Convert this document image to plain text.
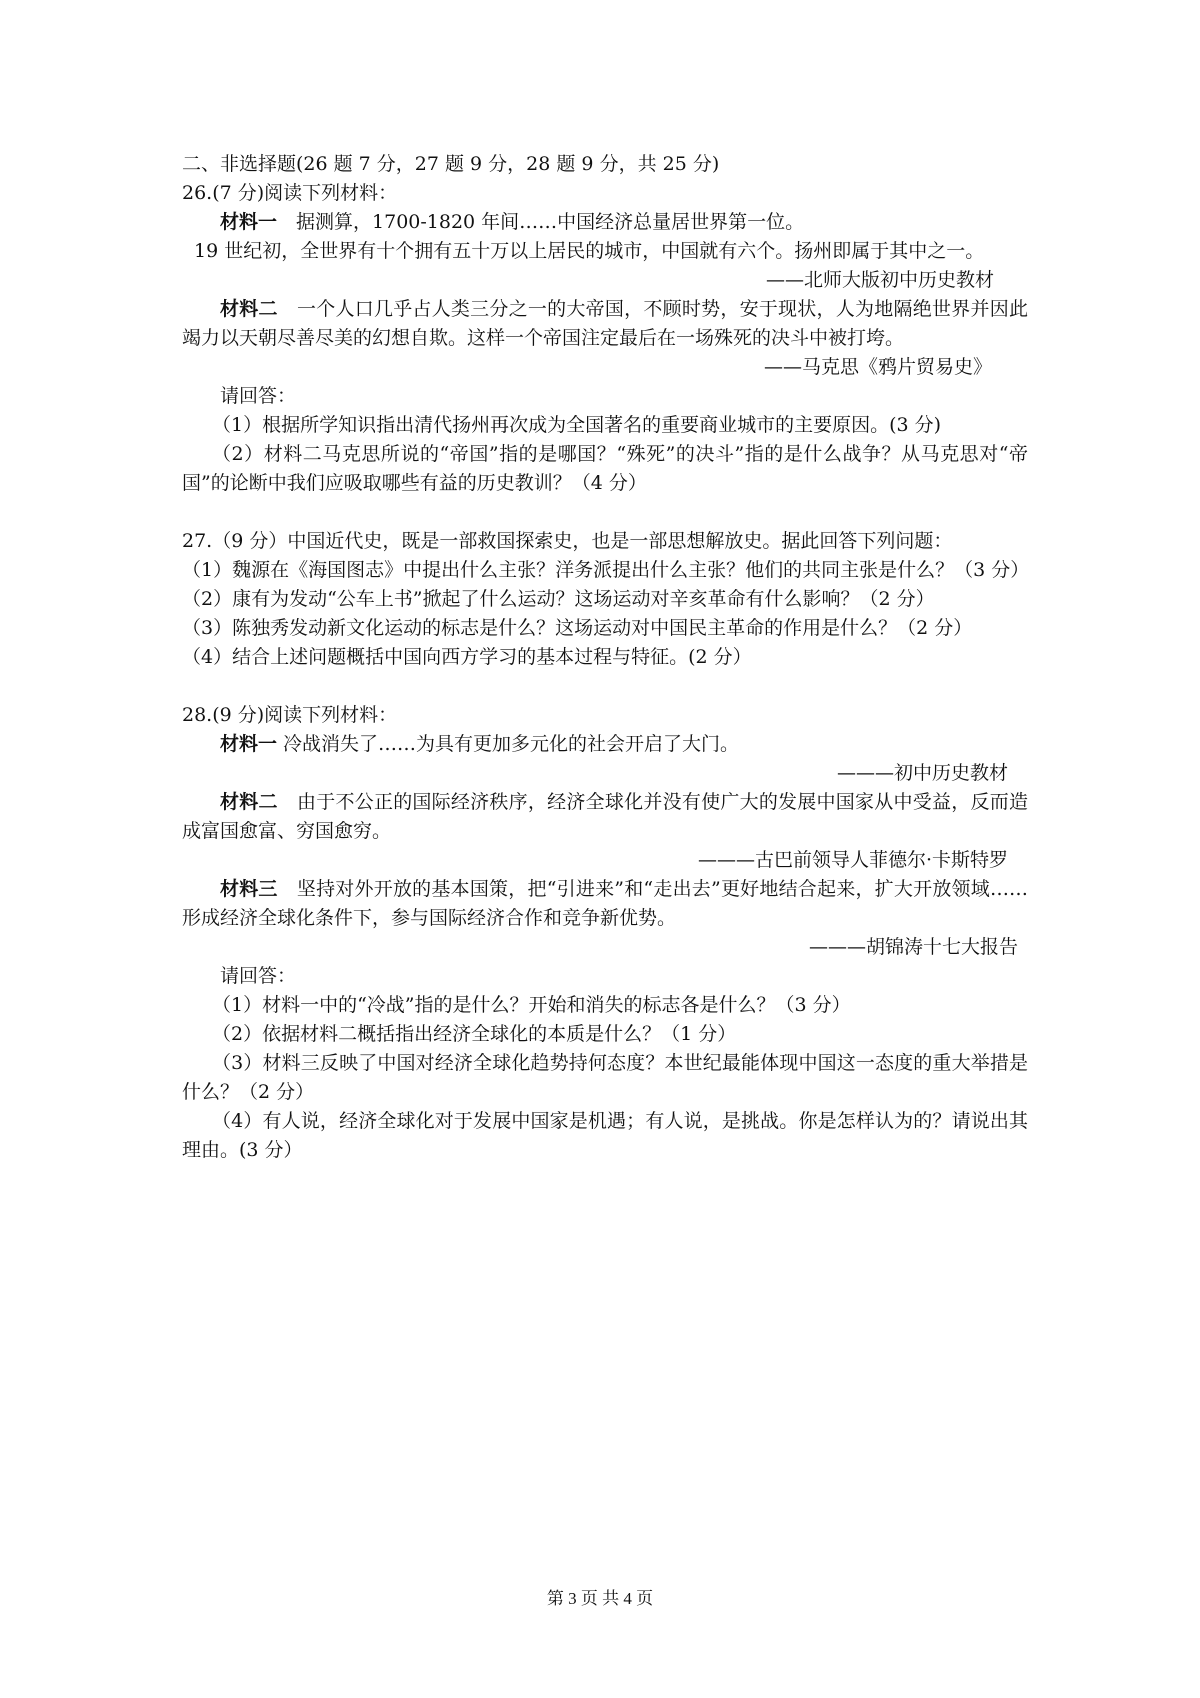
二、非选择题(26 题 7 分，27 题 9 分，28 题 9 分，共 25 分)

26.(7 分)阅读下列材料：

材料一　据测算，1700-1820 年间……中国经济总量居世界第一位。

19 世纪初，全世界有十个拥有五十万以上居民的城市，中国就有六个。扬州即属于其中之一。

——北师大版初中历史教材

材料二　一个人口几乎占人类三分之一的大帝国，不顾时势，安于现状，人为地隔绝世界并因此竭力以天朝尽善尽美的幻想自欺。这样一个帝国注定最后在一场殊死的决斗中被打垮。

——马克思《鸦片贸易史》

请回答：

（1）根据所学知识指出清代扬州再次成为全国著名的重要商业城市的主要原因。(3 分)

（2）材料二马克思所说的“帝国”指的是哪国？“殊死”的决斗”指的是什么战争？从马克思对“帝国”的论断中我们应吸取哪些有益的历史教训？（4 分）

27.（9 分）中国近代史，既是一部救国探索史，也是一部思想解放史。据此回答下列问题：

（1）魏源在《海国图志》中提出什么主张？洋务派提出什么主张？他们的共同主张是什么？（3 分）

（2）康有为发动“公车上书”掀起了什么运动？这场运动对辛亥革命有什么影响？（2 分）

（3）陈独秀发动新文化运动的标志是什么？这场运动对中国民主革命的作用是什么？（2 分）

（4）结合上述问题概括中国向西方学习的基本过程与特征。(2 分）

28.(9 分)阅读下列材料：

材料一 冷战消失了……为具有更加多元化的社会开启了大门。

———初中历史教材

材料二　由于不公正的国际经济秩序，经济全球化并没有使广大的发展中国家从中受益，反而造成富国愈富、穷国愈穷。

———古巴前领导人菲德尔·卡斯特罗

材料三　坚持对外开放的基本国策，把“引进来”和“走出去”更好地结合起来，扩大开放领域……形成经济全球化条件下，参与国际经济合作和竞争新优势。

———胡锦涛十七大报告

请回答：

（1）材料一中的“冷战”指的是什么？开始和消失的标志各是什么？（3 分）

（2）依据材料二概括指出经济全球化的本质是什么？（1 分）

（3）材料三反映了中国对经济全球化趋势持何态度？本世纪最能体现中国这一态度的重大举措是什么？（2 分）

（4）有人说，经济全球化对于发展中国家是机遇；有人说，是挑战。你是怎样认为的？请说出其理由。(3 分）

第 3 页 共 4 页
